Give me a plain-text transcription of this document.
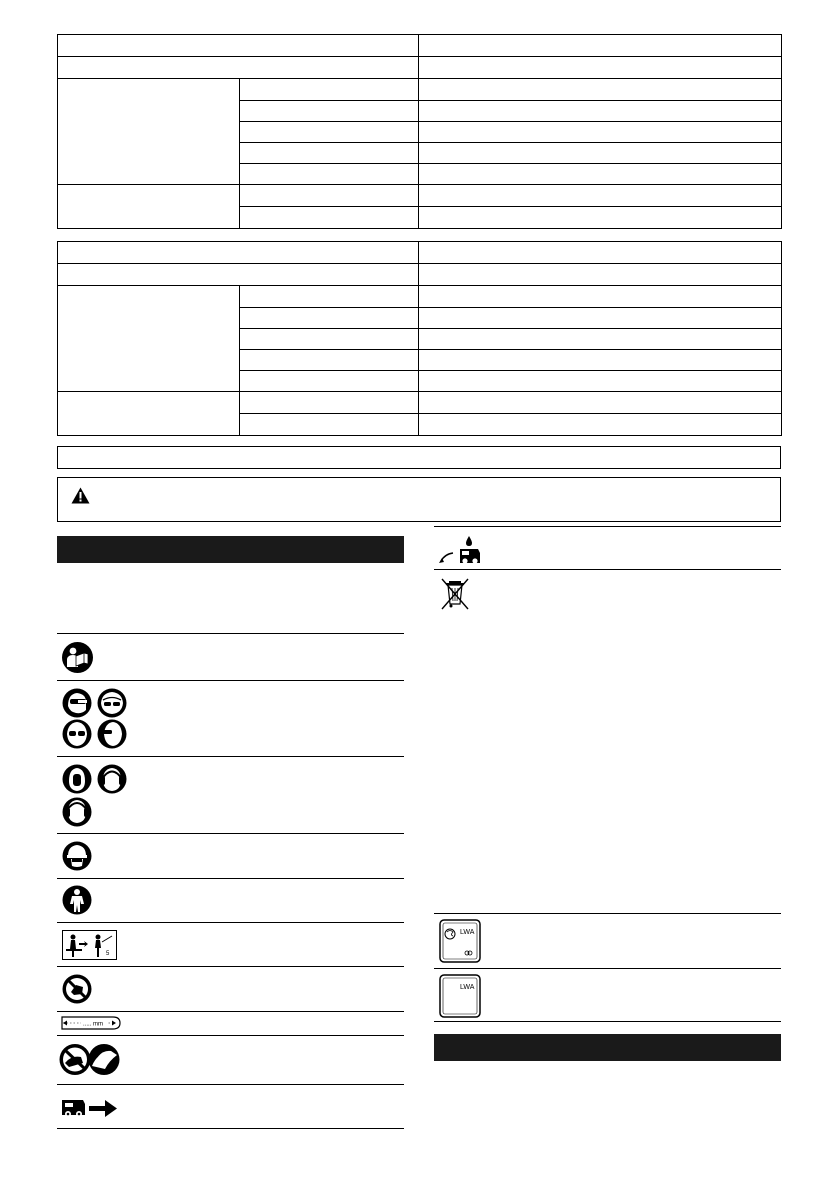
5
..... mm
LWA
LWA
